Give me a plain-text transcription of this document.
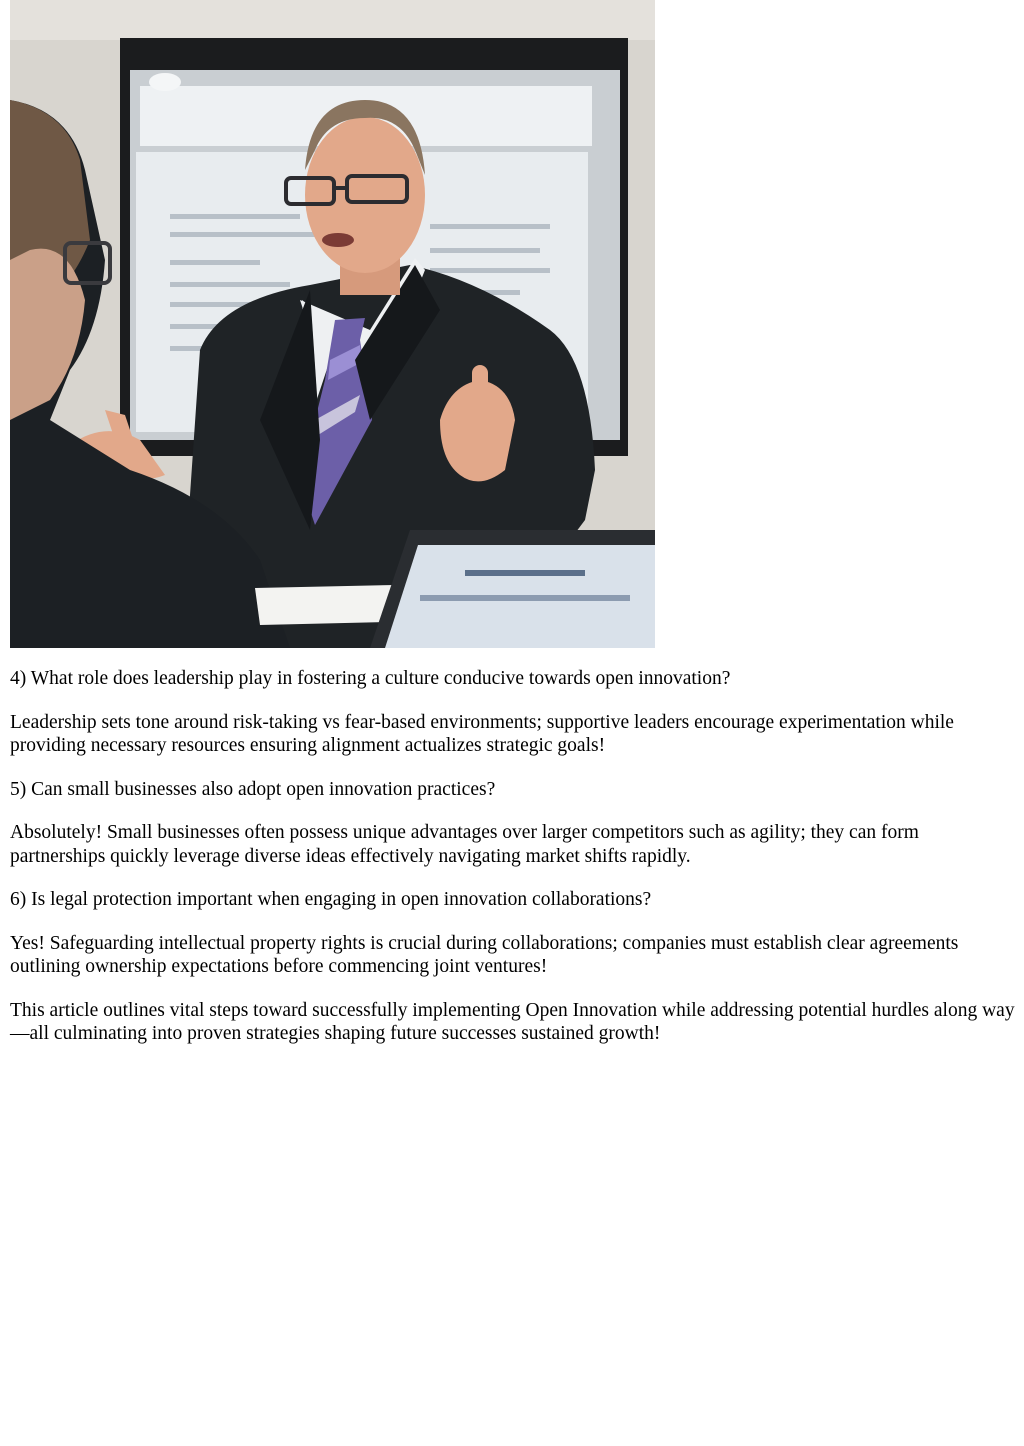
4) What role does leadership play in fostering a culture conducive towards open innovation?

Leadership sets tone around risk-taking vs fear-based environments; supportive leaders encourage experimentation while providing necessary resources ensuring alignment actualizes strategic goals!

5) Can small businesses also adopt open innovation practices?

Absolutely! Small businesses often possess unique advantages over larger competitors such as agility; they can form partnerships quickly leverage diverse ideas effectively navigating market shifts rapidly.

6) Is legal protection important when engaging in open innovation collaborations?

Yes! Safeguarding intellectual property rights is crucial during collaborations; companies must establish clear agreements outlining ownership expectations before commencing joint ventures!

This article outlines vital steps toward successfully implementing Open Innovation while addressing potential hurdles along way—all culminating into proven strategies shaping future successes sustained growth!
